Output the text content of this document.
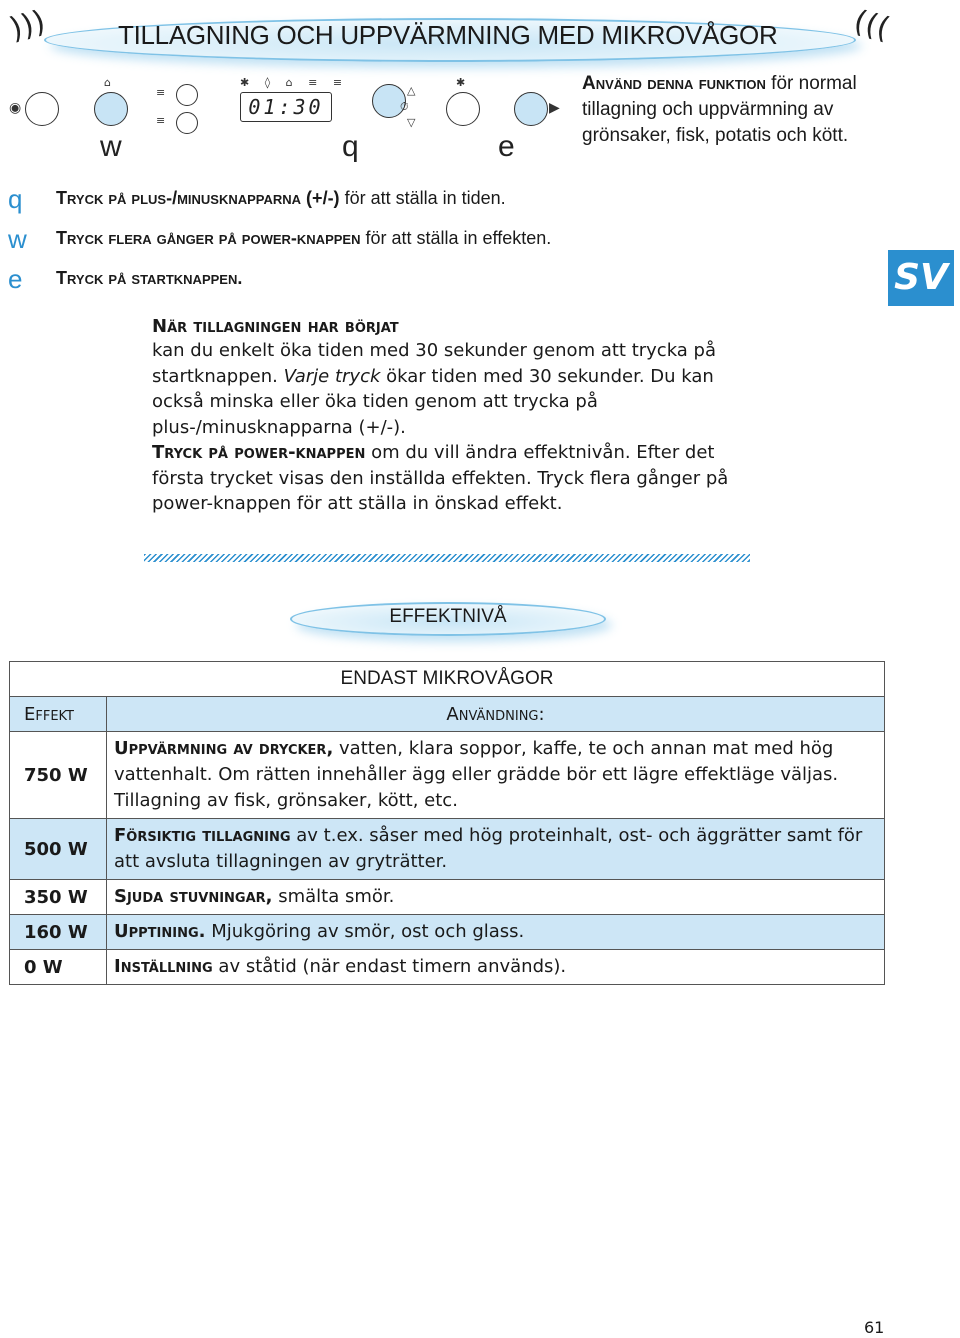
)))	TILLAGNING OCH UPPVÄRMNING MED MIKROVÅGOR )))
◉
⌂
≡
≡
✱ ◊ ⌂ ≡ ≡
01:30
△
⏱
▽
✱
▶
w	q	e
Använd denna funktion för normal tillagning och uppvärmning av grönsaker, fisk, potatis och kött.
q Tryck på plus-/minusknapparna (+/-) för att ställa in tiden.
w Tryck flera gånger på power-knappen för att ställa in effekten.
e Tryck på startknappen.	SV
När tillagningen har börjat
kan du enkelt öka tiden med 30 sekunder genom att trycka på startknappen. Varje tryck ökar tiden med 30 sekunder. Du kan också minska eller öka tiden genom att trycka på plus-/minusknapparna (+/-).
Tryck på power-knappen om du vill ändra effektnivån. Efter det första trycket visas den inställda effekten. Tryck flera gånger på power-knappen för att ställa in önskad effekt.
EFFEKTNIVÅ
ENDAST MIKROVÅGOR	
Effekt	Användning:
750 W	Uppvärmning av drycker, vatten, klara soppor, kaffe, te och annan mat med hög vattenhalt. Om rätten innehåller ägg eller grädde bör ett lägre effektläge väljas. Tillagning av fisk, grönsaker, kött, etc.
500 W	Försiktig tillagning av t.ex. såser med hög proteinhalt, ost- och äggrätter samt för att avsluta tillagningen av gryträtter.
350 W	Sjuda stuvningar, smälta smör.
160 W	Upptining. Mjukgöring av smör, ost och glass.
0 W	Inställning av ståtid (när endast timern används).
61
